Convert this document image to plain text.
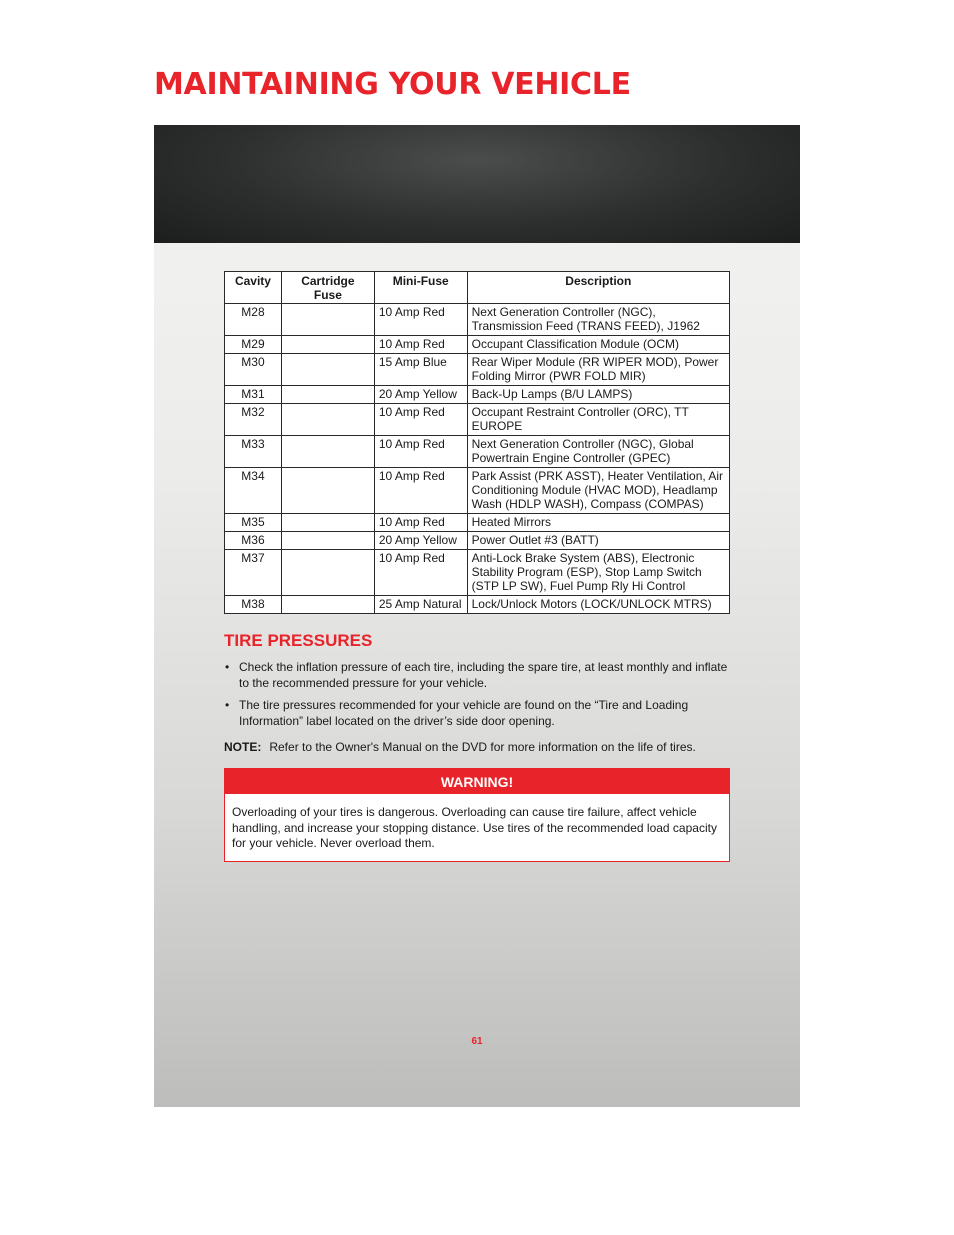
Cavity	Cartridge Fuse	Mini-Fuse	Description
M28		10 Amp Red	Next Generation Controller (NGC), Transmission Feed (TRANS FEED), J1962
M29		10 Amp Red	Occupant Classification Module (OCM)
M30		15 Amp Blue	Rear Wiper Module (RR WIPER MOD), Power Folding Mirror (PWR FOLD MIR)
M31		20 Amp Yellow	Back-Up Lamps (B/U LAMPS)
M32		10 Amp Red	Occupant Restraint Controller (ORC), TT EUROPE
M33		10 Amp Red	Next Generation Controller (NGC), Global Powertrain Engine Controller (GPEC)
M34		10 Amp Red	Park Assist (PRK ASST), Heater Ventilation, Air Conditioning Module (HVAC MOD), Headlamp Wash (HDLP WASH), Compass (COMPAS)
M35		10 Amp Red	Heated Mirrors
M36		20 Amp Yellow	Power Outlet #3 (BATT)
M37		10 Amp Red	Anti-Lock Brake System (ABS), Electronic Stability Program (ESP), Stop Lamp Switch (STP LP SW), Fuel Pump Rly Hi Control
M38		25 Amp Natural	Lock/Unlock Motors (LOCK/UNLOCK MTRS)
TIRE PRESSURES
• Check the inflation pressure of each tire, including the spare tire, at least monthly and inflate to the recommended pressure for your vehicle.
• The tire pressures recommended for your vehicle are found on the “Tire and Loading Information” label located on the driver’s side door opening.
NOTE: Refer to the Owner's Manual on the DVD for more information on the life of tires.
WARNING!
Overloading of your tires is dangerous. Overloading can cause tire failure, affect vehicle handling, and increase your stopping distance. Use tires of the recommended load capacity for your vehicle. Never overload them.
61
MAINTAINING YOUR VEHICLE
